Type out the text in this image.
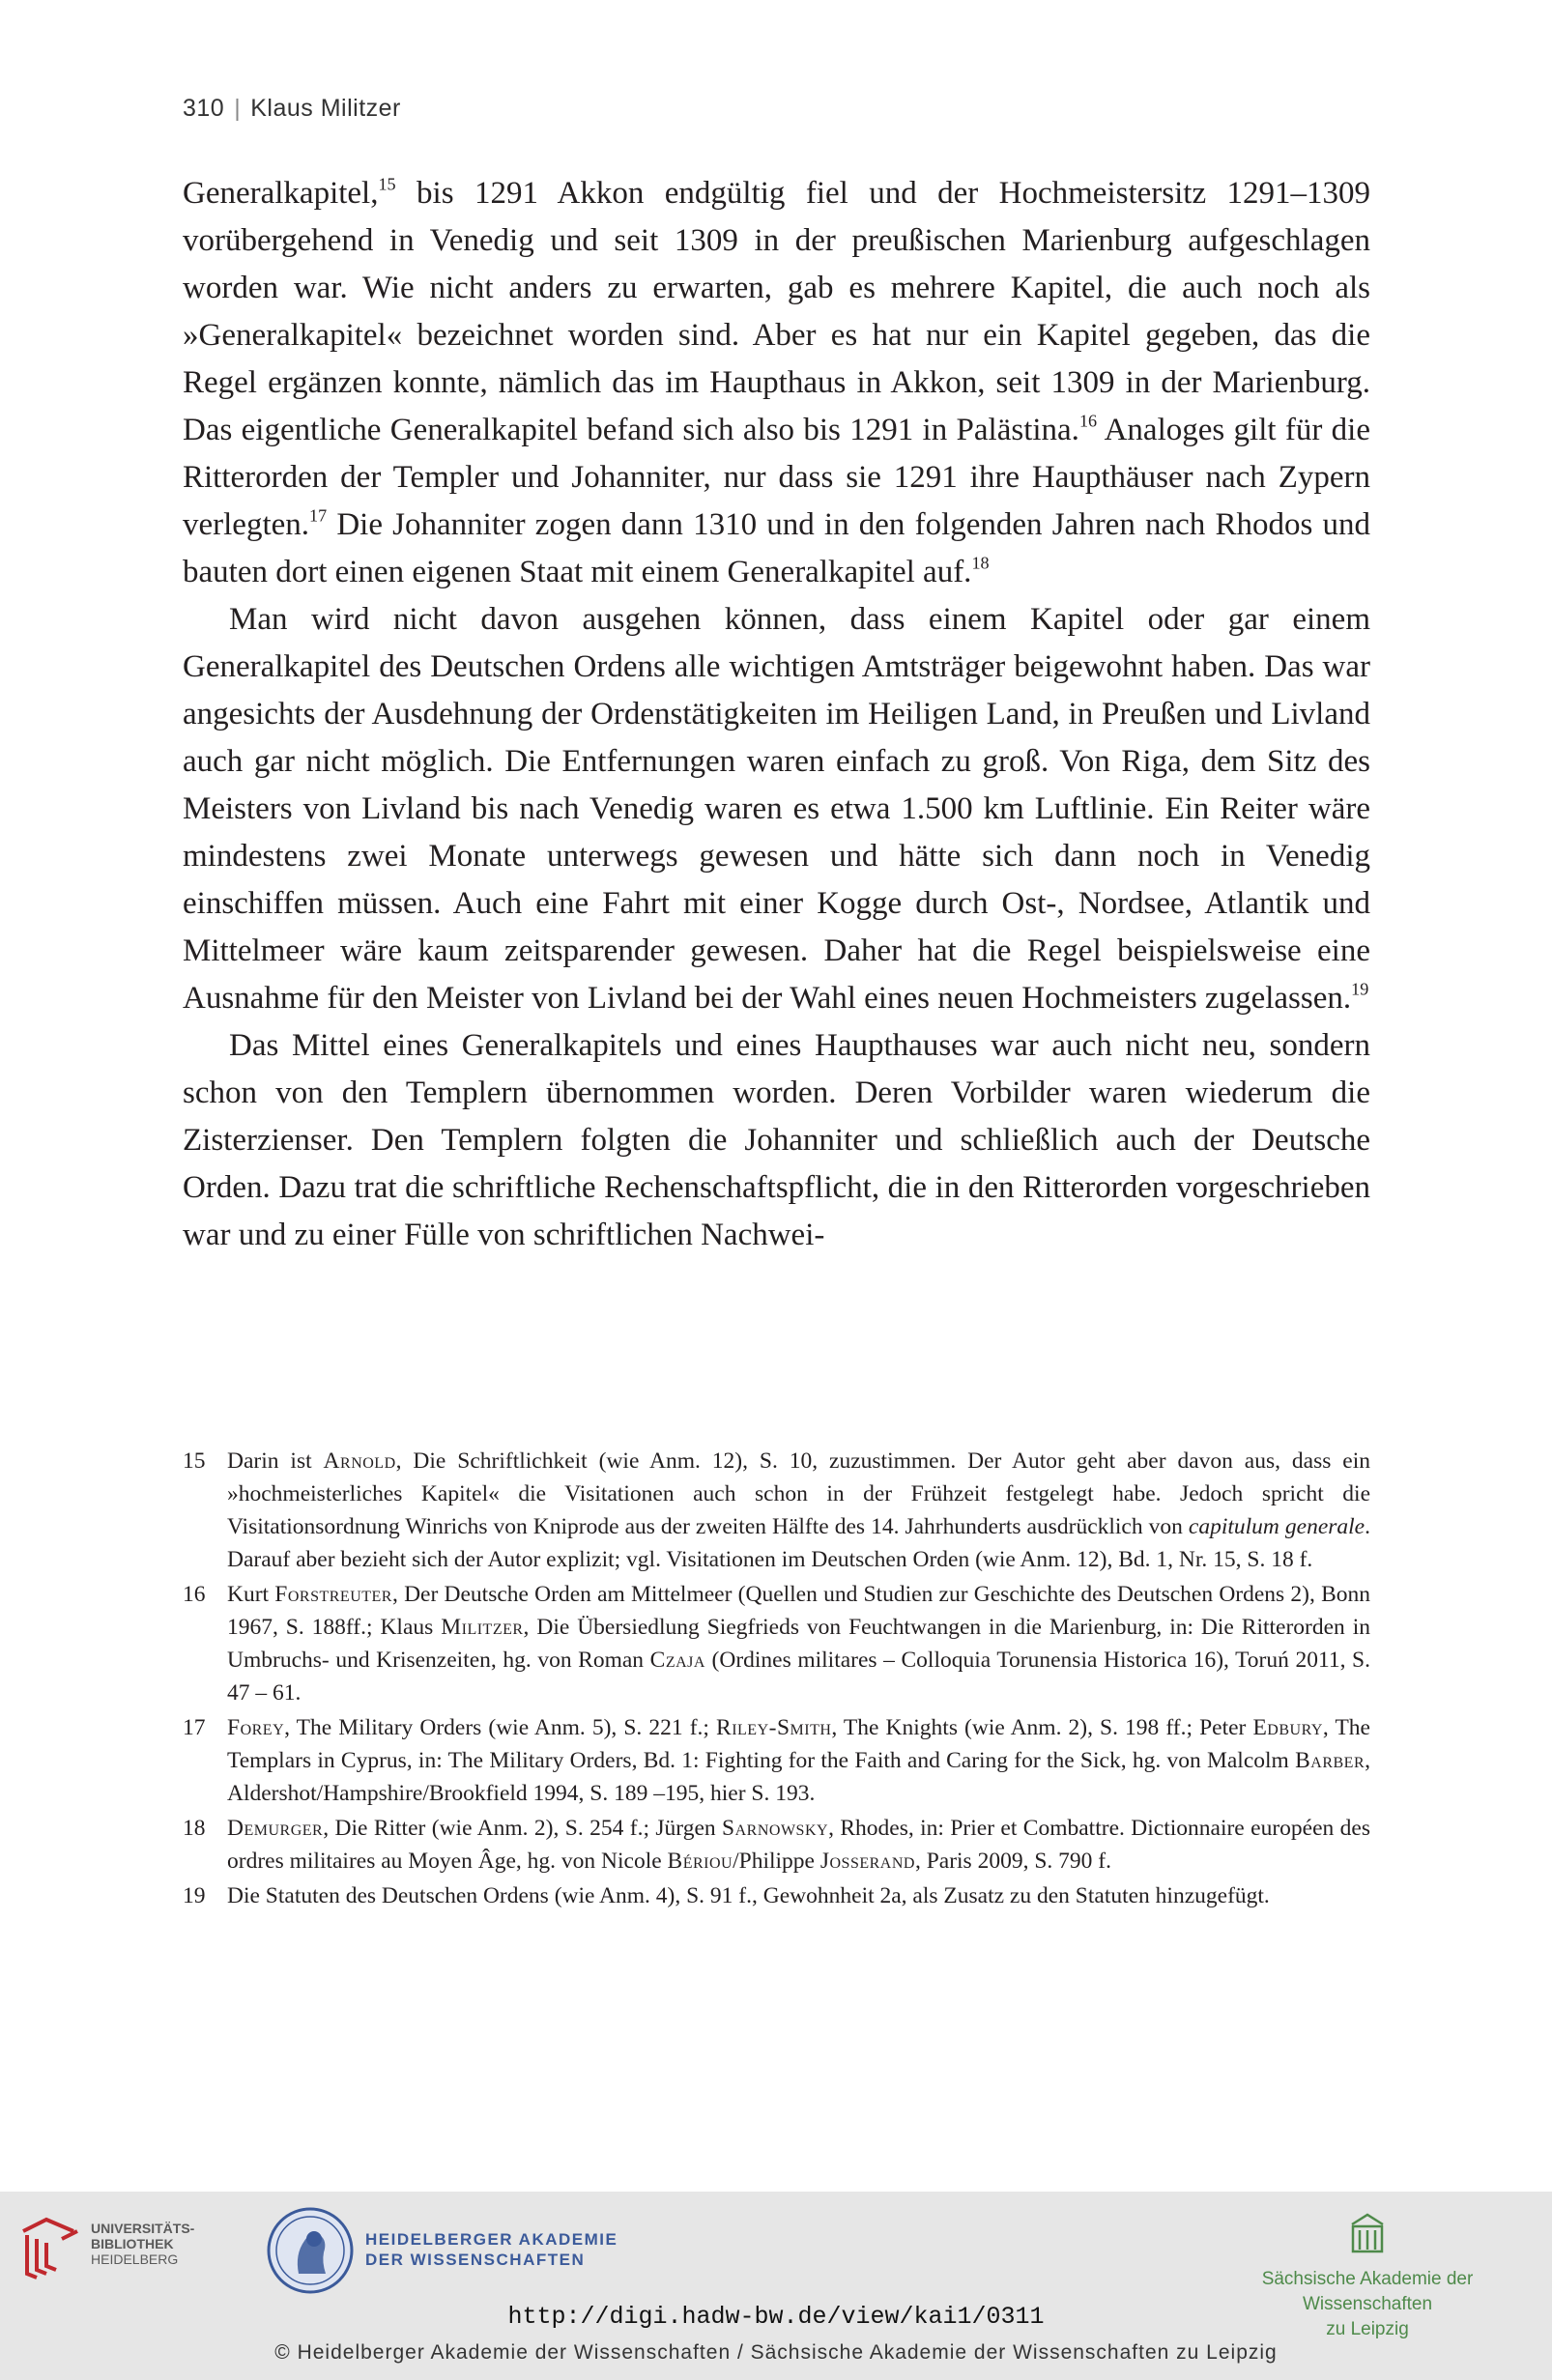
310 | Klaus Militzer

Generalkapitel,$^{15}$ bis 1291 Akkon endgültig fiel und der Hochmeistersitz 1291–1309 vorübergehend in Venedig und seit 1309 in der preußischen Marienburg aufgeschlagen worden war. Wie nicht anders zu erwarten, gab es mehrere Kapitel, die auch noch als »Generalkapitel« bezeichnet worden sind. Aber es hat nur ein Kapitel gegeben, das die Regel ergänzen konnte, nämlich das im Haupthaus in Akkon, seit 1309 in der Marienburg. Das eigentliche Generalkapitel befand sich also bis 1291 in Palästina.$^{16}$ Analoges gilt für die Ritterorden der Templer und Johanniter, nur dass sie 1291 ihre Haupthäuser nach Zypern verlegten.$^{17}$ Die Johanniter zogen dann 1310 und in den folgenden Jahren nach Rhodos und bauten dort einen eigenen Staat mit einem Generalkapitel auf.$^{18}$

Man wird nicht davon ausgehen können, dass einem Kapitel oder gar einem Generalkapitel des Deutschen Ordens alle wichtigen Amtsträger beigewohnt haben. Das war angesichts der Ausdehnung der Ordenstätigkeiten im Heiligen Land, in Preußen und Livland auch gar nicht möglich. Die Entfernungen waren einfach zu groß. Von Riga, dem Sitz des Meisters von Livland bis nach Venedig waren es etwa 1.500 km Luftlinie. Ein Reiter wäre mindestens zwei Monate unterwegs gewesen und hätte sich dann noch in Venedig einschiffen müssen. Auch eine Fahrt mit einer Kogge durch Ost-, Nordsee, Atlantik und Mittelmeer wäre kaum zeitsparender gewesen. Daher hat die Regel beispielsweise eine Ausnahme für den Meister von Livland bei der Wahl eines neuen Hochmeisters zugelassen.$^{19}$

Das Mittel eines Generalkapitels und eines Haupthauses war auch nicht neu, sondern schon von den Templern übernommen worden. Deren Vorbilder waren wiederum die Zisterzienser. Den Templern folgten die Johanniter und schließlich auch der Deutsche Orden. Dazu trat die schriftliche Rechenschaftspflicht, die in den Ritterorden vorgeschrieben war und zu einer Fülle von schriftlichen Nachwei-

15 Darin ist Arnold, Die Schriftlichkeit (wie Anm. 12), S. 10, zuzustimmen. Der Autor geht aber davon aus, dass ein »hochmeisterliches Kapitel« die Visitationen auch schon in der Frühzeit festgelegt habe. Jedoch spricht die Visitationsordnung Winrichs von Kniprode aus der zweiten Hälfte des 14. Jahrhunderts ausdrücklich von capitulum generale. Darauf aber bezieht sich der Autor explizit; vgl. Visitationen im Deutschen Orden (wie Anm. 12), Bd. 1, Nr. 15, S. 18 f.
16 Kurt Forstreuter, Der Deutsche Orden am Mittelmeer (Quellen und Studien zur Geschichte des Deutschen Ordens 2), Bonn 1967, S. 188ff.; Klaus Militzer, Die Übersiedlung Siegfrieds von Feuchtwangen in die Marienburg, in: Die Ritterorden in Umbruchs- und Krisenzeiten, hg. von Roman Czaja (Ordines militares – Colloquia Torunensia Historica 16), Toruń 2011, S. 47 – 61.
17 Forey, The Military Orders (wie Anm. 5), S. 221 f.; Riley-Smith, The Knights (wie Anm. 2), S. 198 ff.; Peter Edbury, The Templars in Cyprus, in: The Military Orders, Bd. 1: Fighting for the Faith and Caring for the Sick, hg. von Malcolm Barber, Aldershot/Hampshire/Brookfield 1994, S. 189 –195, hier S. 193.
18 Demurger, Die Ritter (wie Anm. 2), S. 254 f.; Jürgen Sarnowsky, Rhodes, in: Prier et Combattre. Dictionnaire européen des ordres militaires au Moyen Âge, hg. von Nicole Bériou/Philippe Josserand, Paris 2009, S. 790 f.
19 Die Statuten des Deutschen Ordens (wie Anm. 4), S. 91 f., Gewohnheit 2a, als Zusatz zu den Statuten hinzugefügt.
UNIVERSITÄTS-
BIBLIOTHEK
HEIDELBERG
HEIDELBERGER AKADEMIE
DER WISSENSCHAFTEN
Sächsische Akademie der Wissenschaften
zu Leipzig
http://digi.hadw-bw.de/view/kai1/0311
© Heidelberger Akademie der Wissenschaften / Sächsische Akademie der Wissenschaften zu Leipzig
